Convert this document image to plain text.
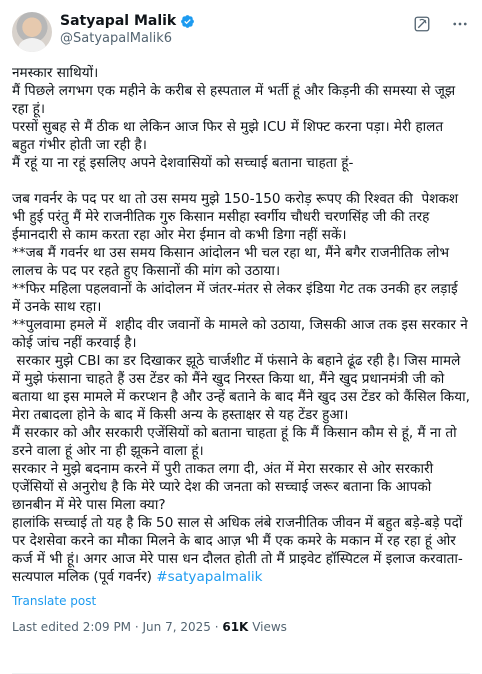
Satyapal Malik
@SatyapalMalik6
नमस्कार साथियों।
मैं पिछले लगभग एक महीने के करीब से हस्पताल में भर्ती हूं और किड़नी की समस्या से जूझ रहा हूं।
परसों सुबह से मैं ठीक था लेकिन आज फिर से मुझे ICU में शिफ्ट करना पड़ा। मेरी हालत बहुत गंभीर होती जा रही है।
मैं रहूं या ना रहूं इसलिए अपने देशवासियों को सच्चाई बताना चाहता हूं-

जब गवर्नर के पद पर था तो उस समय मुझे 150-150 करोड़ रूपए की रिश्वत की  पेशकश भी हुई परंतु मैं मेरे राजनीतिक गुरु किसान मसीहा स्वर्गीय चौधरी चरणसिंह जी की तरह ईमानदारी से काम करता रहा ओर मेरा ईमान वो कभी डिगा नहीं सकें।
**जब मैं गवर्नर था उस समय किसान आंदोलन भी चल रहा था, मैंने बगैर राजनीतिक लोभ लालच के पद पर रहते हुए किसानों की मांग को उठाया।
**फिर महिला पहलवानों के आंदोलन में जंतर-मंतर से लेकर इंडिया गेट तक उनकी हर लड़ाई में उनके साथ रहा।
**पुलवामा हमले में  शहीद वीर जवानों के मामले को उठाया, जिसकी आज तक इस सरकार ने कोई जांच नहीं करवाई है।
सरकार मुझे CBI का डर दिखाकर झूठे चार्जशीट में फंसाने के बहाने ढूंढ रही है। जिस मामले में मुझे फंसाना चाहते हैं उस टेंडर को मैंने खुद निरस्त किया था, मैंने खुद प्रधानमंत्री जी को बताया था इस मामले में करप्शन है और उन्हें बताने के बाद मैंने खुद उस टेंडर को कैंसिल किया, मेरा तबादला होने के बाद में किसी अन्य के हस्ताक्षर से यह टेंडर हुआ।
मैं सरकार को और सरकारी एजेंसियों को बताना चाहता हूं कि मैं किसान कौम से हूं, मैं ना तो डरने वाला हूं ओर ना ही झूकने वाला हूं।
सरकार ने मुझे बदनाम करने में पुरी ताकत लगा दी, अंत में मेरा सरकार से ओर सरकारी एजेंसियों से अनुरोध है कि मेरे प्यारे देश की जनता को सच्चाई जरूर बताना कि आपको छानबीन में मेरे पास मिला क्या?
हालांकि सच्चाई तो यह है कि 50 साल से अधिक लंबे राजनीतिक जीवन में बहुत बड़े-बड़े पदों पर देशसेवा करने का मौका मिलने के बाद आज़ भी मैं एक कमरे के मकान में रह रहा हूं ओर कर्ज में भी हूं। अगर आज मेरे पास धन दौलत होती तो मैं प्राइवेट हॉस्पिटल में इलाज करवाता- सत्यपाल मलिक (पूर्व गवर्नर) #satyapalmalik
Translate post
Last edited 2:09 PM · Jun 7, 2025 · 61K Views
